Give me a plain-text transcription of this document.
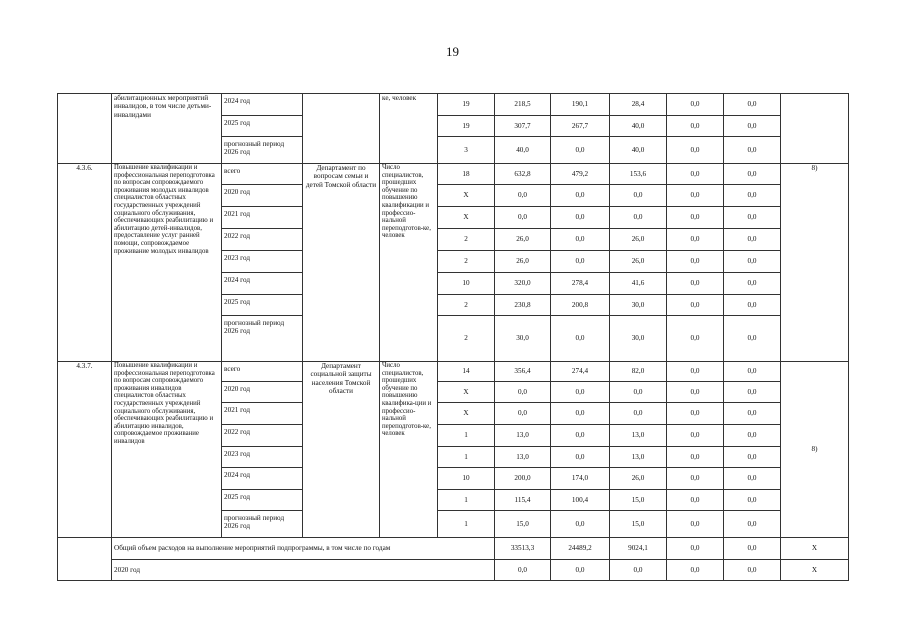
19
	абилитационных мероприятий инвалидов, в том числе детьми-инвалидами	2024 год		ке, человек	19	218,5	190,1	28,4	0,0	0,0	
		2025 год			19	307,7	267,7	40,0	0,0	0,0	
		прогнозный период 2026 год			3	40,0	0,0	40,0	0,0	0,0	
4.3.6.	Повышение квалификации и профессиональная переподготовка по вопросам сопровождаемого проживания молодых инвалидов специалистов областных государственных учреждений социального обслуживания, обеспечивающих реабилитацию и абилитацию детей-инвалидов, предоставление услуг ранней помощи, сопровождаемое проживание молодых инвалидов	всего	Департамент по вопросам семьи и детей Томской области	Число специалистов, прошедших обучение по повышению квалификации и профессио-нальной переподготов-ке, человек	18	632,8	479,2	153,6	0,0	0,0	8)
		2020 год			X	0,0	0,0	0,0	0,0	0,0	
		2021 год			X	0,0	0,0	0,0	0,0	0,0	
		2022 год			2	26,0	0,0	26,0	0,0	0,0	
		2023 год			2	26,0	0,0	26,0	0,0	0,0	
		2024 год			10	320,0	278,4	41,6	0,0	0,0	
		2025 год			2	230,8	200,8	30,0	0,0	0,0	
		прогнозный период 2026 год			2	30,0	0,0	30,0	0,0	0,0	
4.3.7.	Повышение квалификации и профессиональная переподготовка по вопросам сопровождаемого проживания инвалидов специалистов областных государственных учреждений социального обслуживания, обеспечивающих реабилитацию и абилитацию инвалидов, сопровождаемое проживание инвалидов	всего	Департамент социальной защиты населения Томской области	Число специалистов, прошедших обучение по повышению квалифика-ции и профессио-нальной переподготов-ке, человек	14	356,4	274,4	82,0	0,0	0,0	8)
		2020 год			X	0,0	0,0	0,0	0,0	0,0	
		2021 год			X	0,0	0,0	0,0	0,0	0,0	
		2022 год			1	13,0	0,0	13,0	0,0	0,0	
		2023 год			1	13,0	0,0	13,0	0,0	0,0	
		2024 год			10	200,0	174,0	26,0	0,0	0,0	
		2025 год			1	115,4	100,4	15,0	0,0	0,0	
		прогнозный период 2026 год			1	15,0	0,0	15,0	0,0	0,0	
	Общий объем расходов на выполнение мероприятий подпрограммы, в том числе по годам					33513,3	24489,2	9024,1	0,0	0,0	X
	2020 год					0,0	0,0	0,0	0,0	0,0	X
